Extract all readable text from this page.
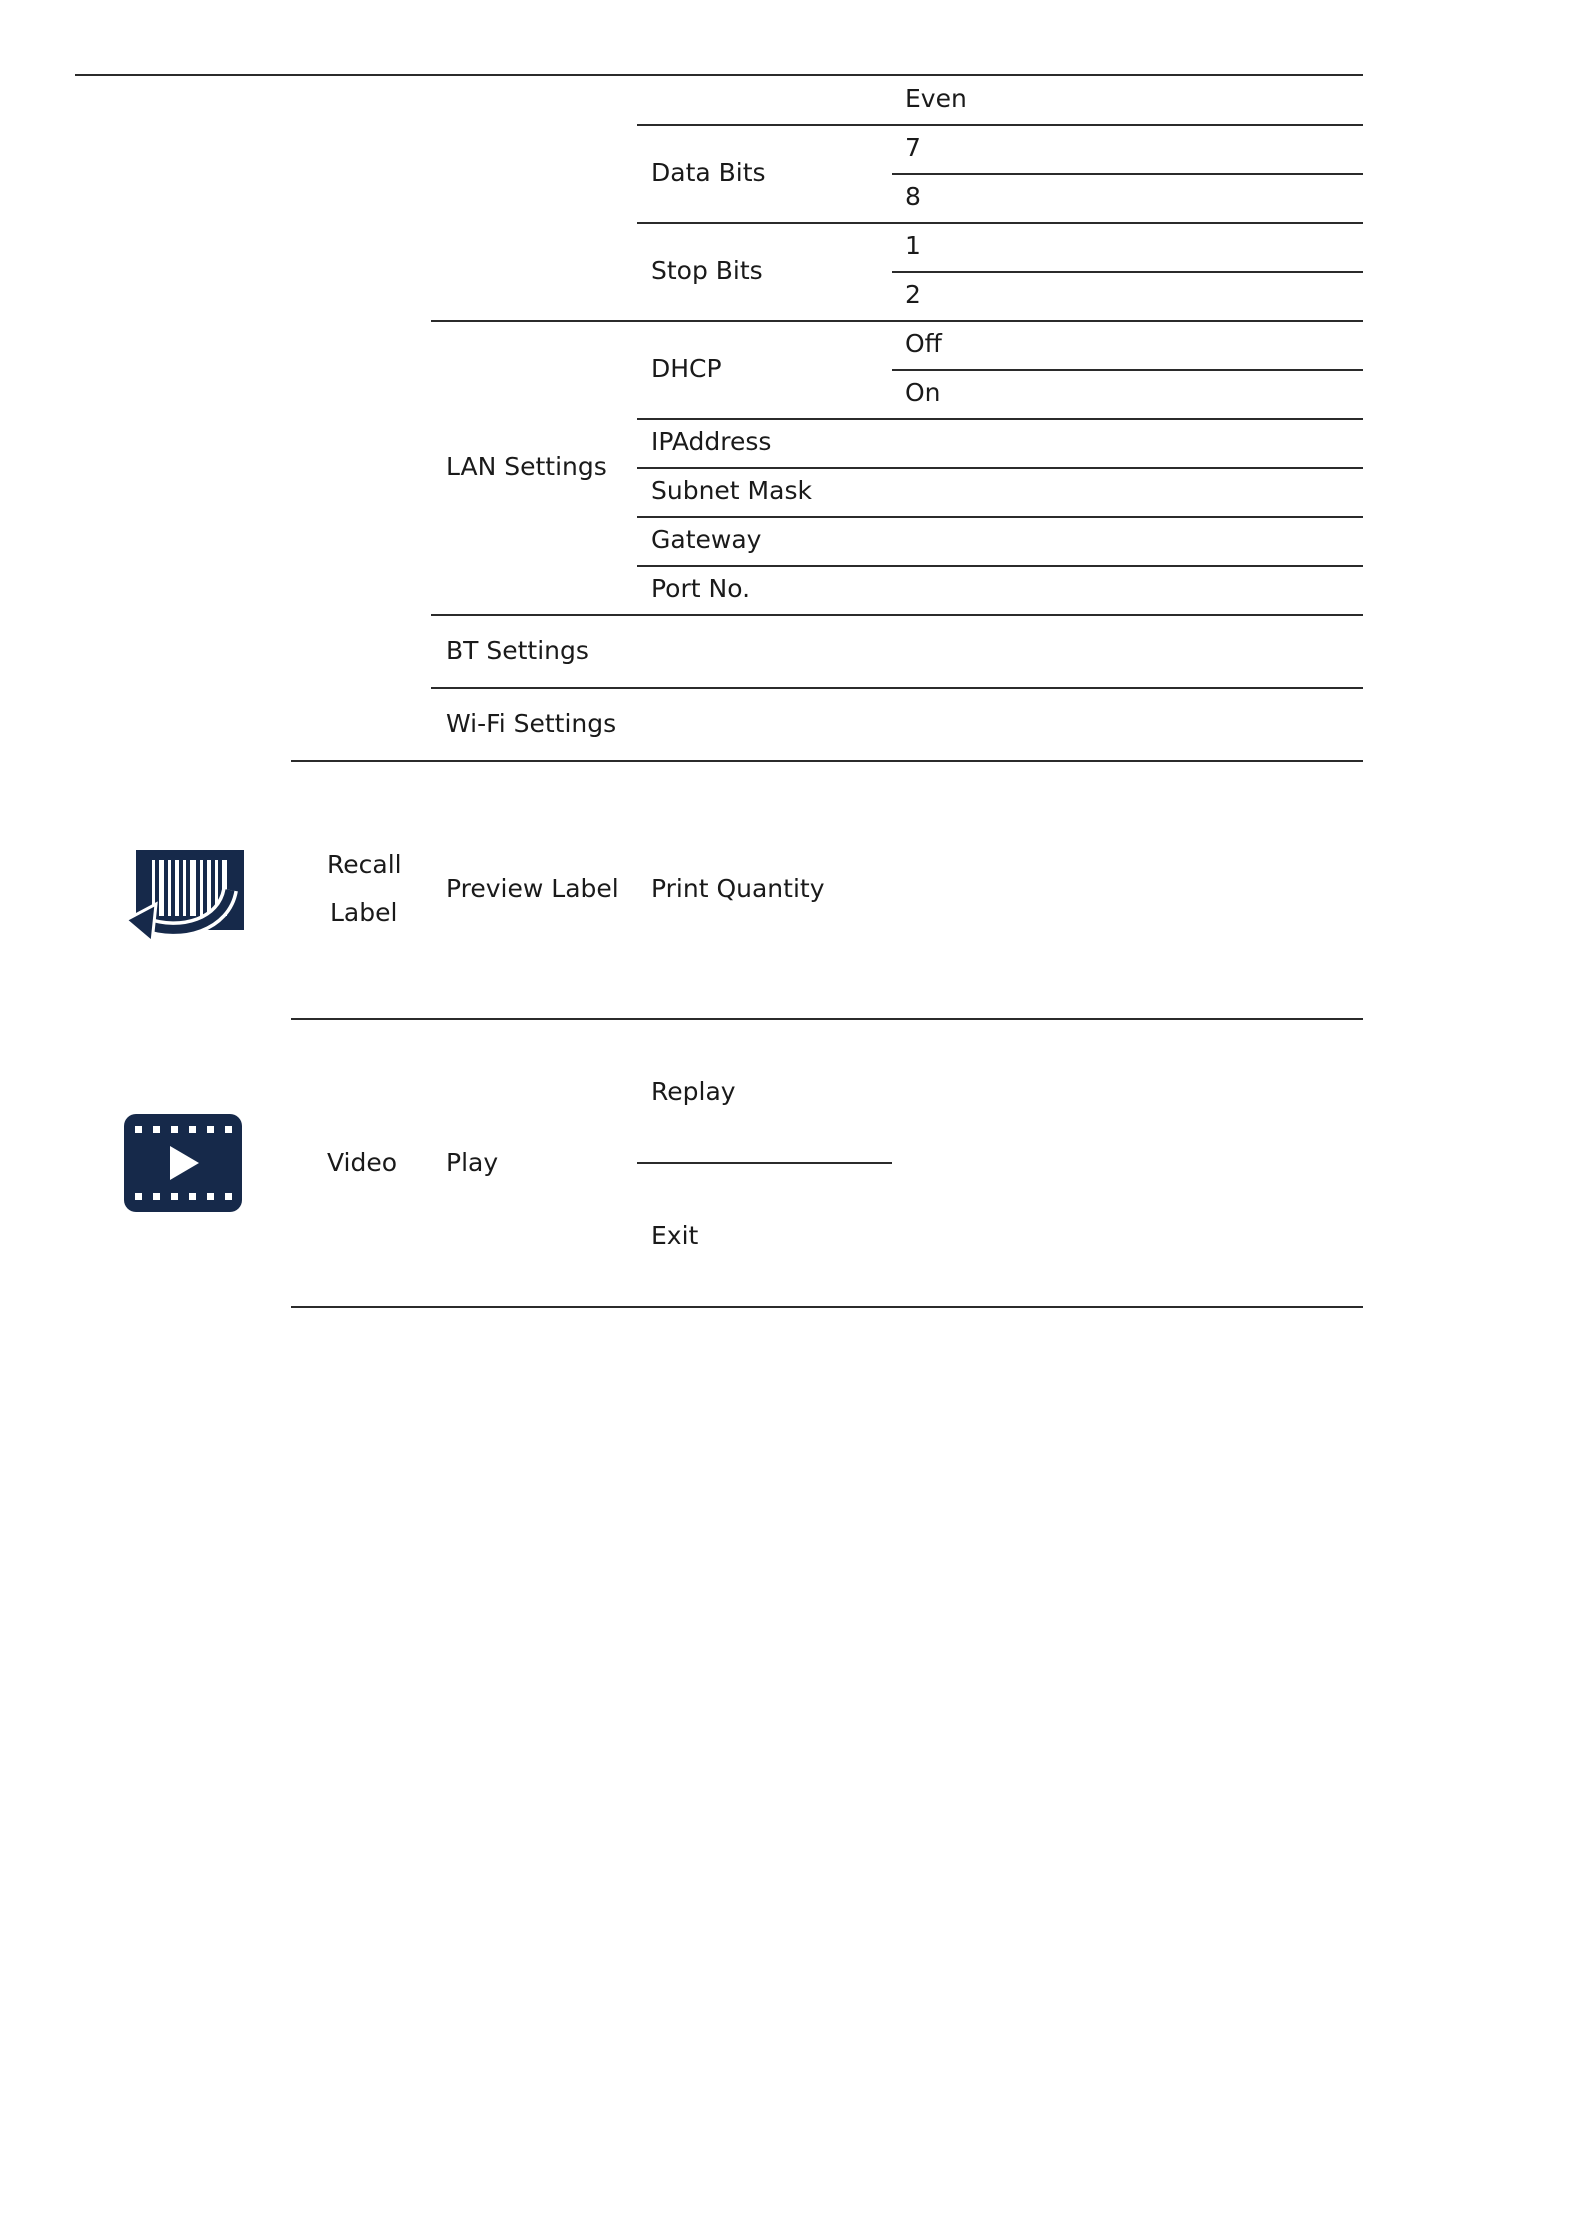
Even
Data Bits
7
8
Stop Bits
1
2
LAN Settings
DHCP
Off
On
IPAddress
Subnet Mask
Gateway
Port No.
BT Settings
Wi-Fi Settings
Recall
Label
Preview Label Print Quantity
Video Play
Replay
Exit
